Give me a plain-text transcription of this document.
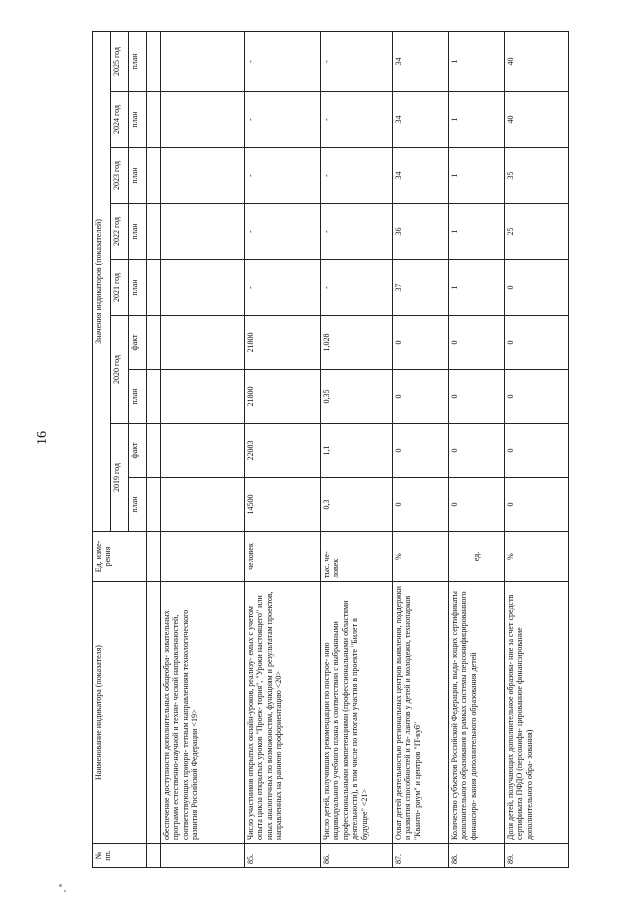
16
№ пп.	Наименование индикатора (показателя)	Ед. изме- рения	Значения индикаторов (показателей)								
			2019 год		2020 год		2021 год	2022 год	2023 год	2024 год	2025 год
			план	факт	план	факт	план	план	план	план	план

	обеспечение доступности дополнительных общеобра- зовательных программ естественно-научной и техни- ческой направленностей, соответствующих приори- тетным направлениям технологического развития Российской Федерации <19>										
85.	Число участников открытых онлайн-уроков, реализу- емых с учетом опыта цикла открытых уроков "Проек- тория", "Уроки настоящего" или иных аналогичных по возможностям, функциям и результатам проектов, направленных на раннюю профориентацию <20>	человек	14500	22083	21800	21800	-	-	-	-	-
86.	Число детей, получивших рекомендации по построе- нию индивидуального учебного плана в соответствии с выбранными профессиональными компетенциями (профессиональными областями деятельности), в том числе по итогам участия в проекте "Билет в будущее" <21>	тыс. че- ловек	0,3	1,1	0,35	1,028	-	-	-	-	-
87.	Охват детей деятельностью региональных центров выявления, поддержки и развития способностей и та- лантов у детей и молодежи, технопарков "Кванто- риум" и центров "IT-куб"	%	0	0	0	0	37	36	34	34	34
88.	Количество субъектов Российской Федерации, выда- ющих сертификаты дополнительного образования в рамках системы персонифицированного финансиро- вания дополнительного образования детей	ед.	0	0	0	0	1	1	1	1	1
89.	Доля детей, получающих дополнительное образова- ние за счет средств сертификата ПФДО (персонифи- цированное финансирование дополнительного обра- зования)	%	0	0	0	0	0	25	35	40	40
